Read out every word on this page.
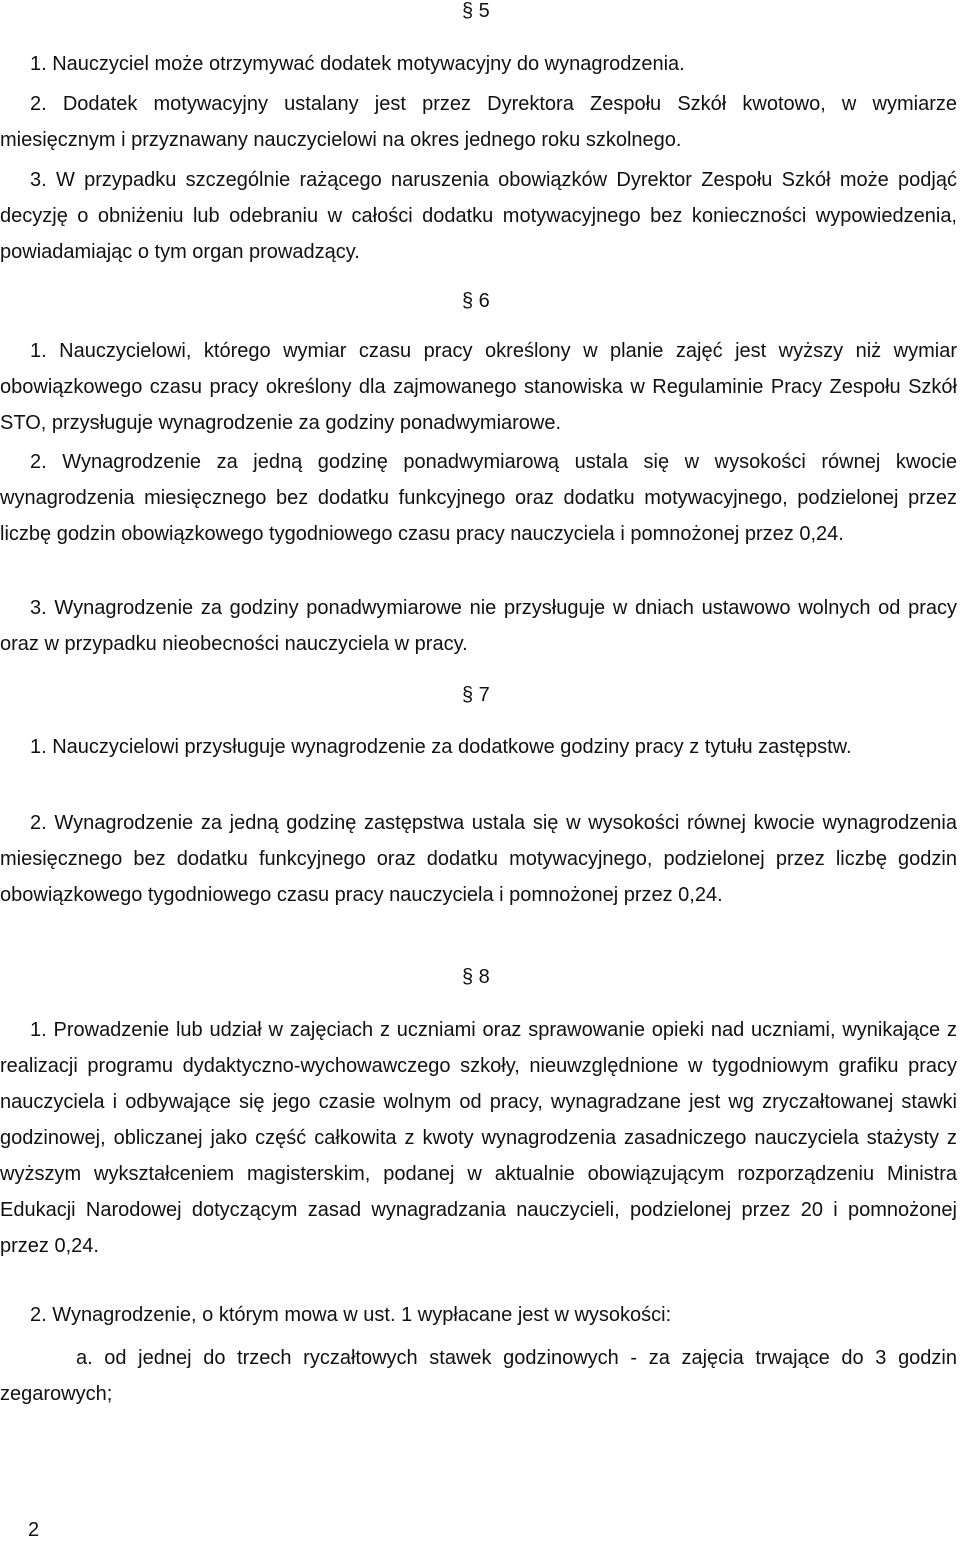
§ 5

1. Nauczyciel może otrzymywać dodatek motywacyjny do wynagrodzenia.

2. Dodatek motywacyjny ustalany jest przez Dyrektora Zespołu Szkół kwotowo, w wymiarze miesięcznym i przyznawany nauczycielowi na okres jednego roku szkolnego.

3. W przypadku szczególnie rażącego naruszenia obowiązków Dyrektor Zespołu Szkół może podjąć decyzję o obniżeniu lub odebraniu w całości dodatku motywacyjnego bez konieczności wypowiedzenia, powiadamiając o tym organ prowadzący.

§ 6

1. Nauczycielowi, którego wymiar czasu pracy określony w planie zajęć jest wyższy niż wymiar obowiązkowego czasu pracy określony dla zajmowanego stanowiska w Regulaminie Pracy Zespołu Szkół STO, przysługuje wynagrodzenie za godziny ponadwymiarowe.

2. Wynagrodzenie za jedną godzinę ponadwymiarową ustala się w wysokości równej kwocie wynagrodzenia miesięcznego bez dodatku funkcyjnego oraz dodatku motywacyjnego, podzielonej przez liczbę godzin obowiązkowego tygodniowego czasu pracy nauczyciela i pomnożonej przez 0,24.

3. Wynagrodzenie za godziny ponadwymiarowe nie przysługuje w dniach ustawowo wolnych od pracy oraz w przypadku nieobecności nauczyciela w pracy.

§ 7

1. Nauczycielowi przysługuje wynagrodzenie za dodatkowe godziny pracy z tytułu zastępstw.

2. Wynagrodzenie za jedną godzinę zastępstwa ustala się w wysokości równej kwocie wynagrodzenia miesięcznego bez dodatku funkcyjnego oraz dodatku motywacyjnego, podzielonej przez liczbę godzin obowiązkowego tygodniowego czasu pracy nauczyciela i pomnożonej przez 0,24.

§ 8

1. Prowadzenie lub udział w zajęciach z uczniami oraz sprawowanie opieki nad uczniami, wynikające z realizacji programu dydaktyczno-wychowawczego szkoły, nieuwzględnione w tygodniowym grafiku pracy nauczyciela i odbywające się jego czasie wolnym od pracy, wynagradzane jest wg zryczałtowanej stawki godzinowej, obliczanej jako część całkowita z kwoty wynagrodzenia zasadniczego nauczyciela stażysty z wyższym wykształceniem magisterskim, podanej w aktualnie obowiązującym rozporządzeniu Ministra Edukacji Narodowej dotyczącym zasad wynagradzania nauczycieli, podzielonej przez 20 i pomnożonej przez 0,24.

2. Wynagrodzenie, o którym mowa w ust. 1 wypłacane jest w wysokości:

a. od jednej do trzech ryczałtowych stawek godzinowych - za zajęcia trwające do 3 godzin zegarowych;

2
